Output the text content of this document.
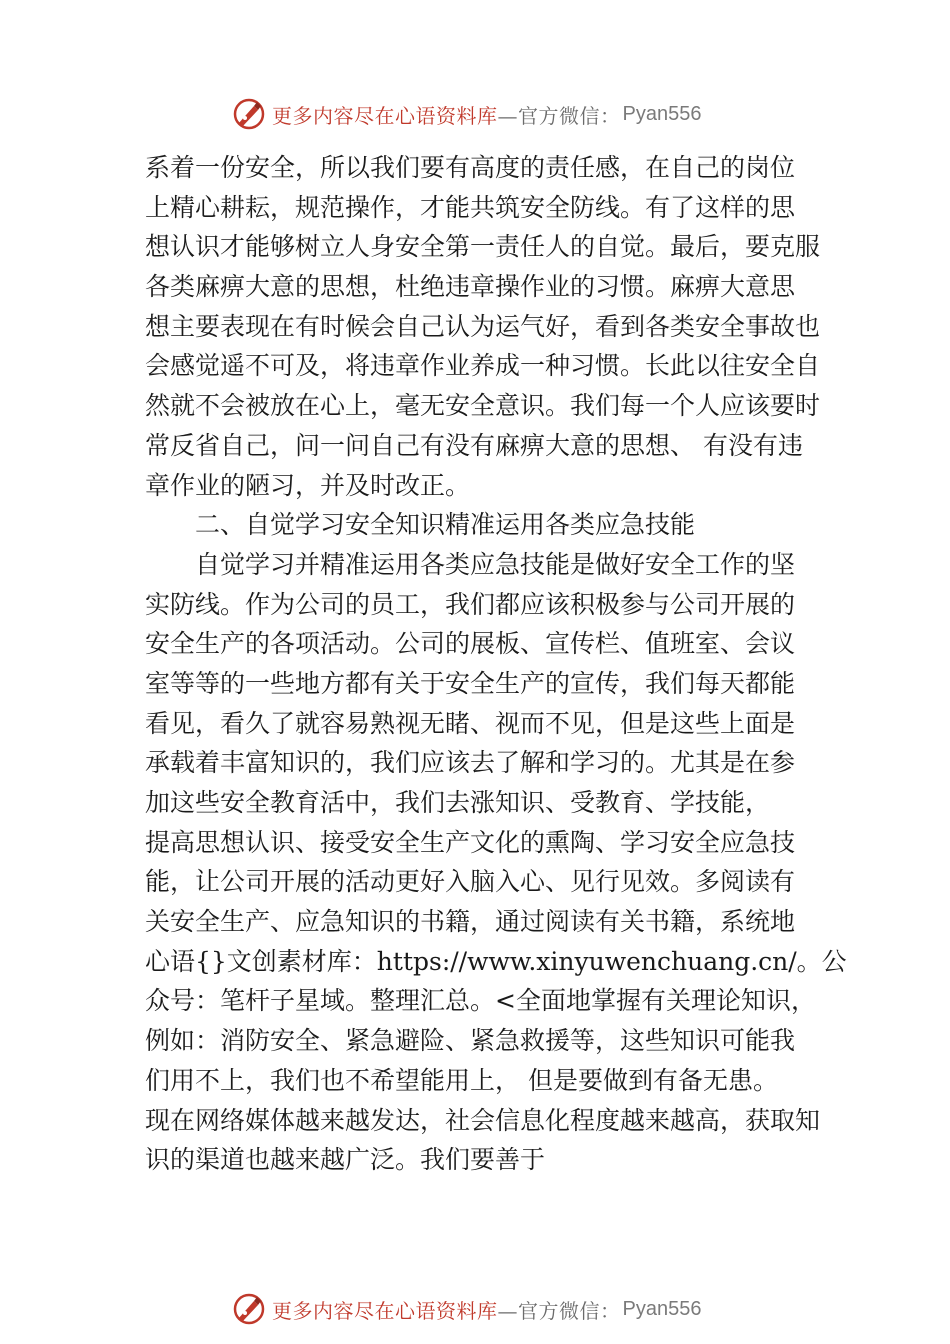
更多内容尽在心语资料库 —官方微信： Pyan556
系着一份安全，所以我们要有高度的责任感，在自己的岗位
上精心耕耘，规范操作，才能共筑安全防线。有了这样的思
想认识才能够树立人身安全第一责任人的自觉。最后，要克服
各类麻痹大意的思想，杜绝违章操作业的习惯。麻痹大意思
想主要表现在有时候会自己认为运气好，看到各类安全事故也
会感觉遥不可及，将违章作业养成一种习惯。长此以往安全自
然就不会被放在心上，毫无安全意识。我们每一个人应该要时
常反省自己，问一问自己有没有麻痹大意的思想、 有没有违
章作业的陋习，并及时改正。
二、自觉学习安全知识精准运用各类应急技能
自觉学习并精准运用各类应急技能是做好安全工作的坚
实防线。作为公司的员工，我们都应该积极参与公司开展的
安全生产的各项活动。公司的展板、宣传栏、值班室、会议
室等等的一些地方都有关于安全生产的宣传，我们每天都能
看见，看久了就容易熟视无睹、视而不见，但是这些上面是
承载着丰富知识的，我们应该去了解和学习的。尤其是在参
加这些安全教育活中，我们去涨知识、受教育、学技能，
提高思想认识、接受安全生产文化的熏陶、学习安全应急技
能，让公司开展的活动更好入脑入心、见行见效。多阅读有
关安全生产、应急知识的书籍，通过阅读有关书籍，系统地
心语{}文创素材库：https://www.xinyuwenchuang.cn/。公
众号：笔杆子星域。整理汇总。<全面地掌握有关理论知识，
例如：消防安全、紧急避险、紧急救援等，这些知识可能我
们用不上，我们也不希望能用上， 但是要做到有备无患。
现在网络媒体越来越发达，社会信息化程度越来越高，获取知
识的渠道也越来越广泛。我们要善于
更多内容尽在心语资料库 —官方微信： Pyan556
